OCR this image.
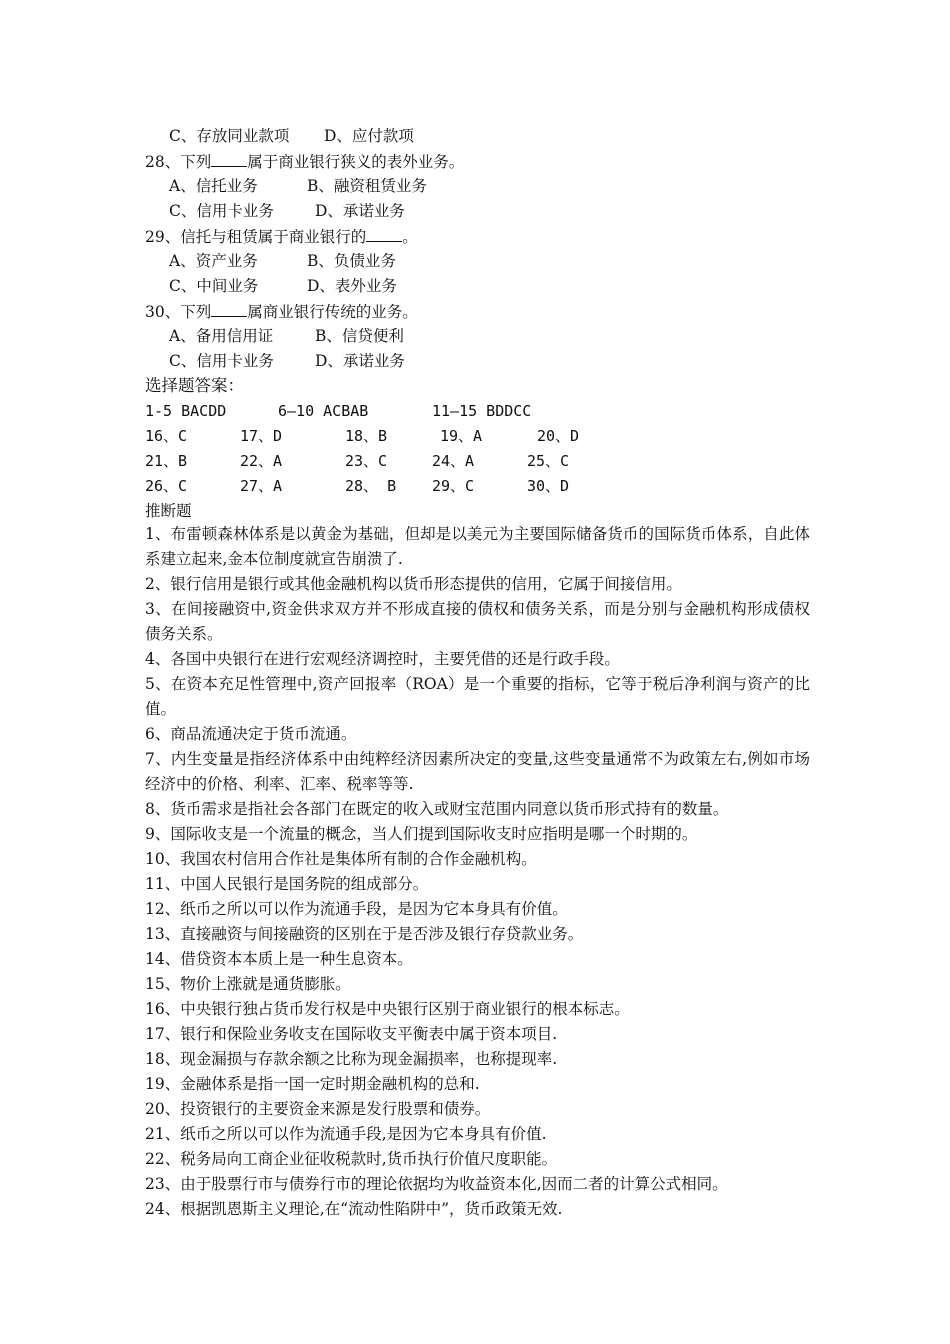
C、存放同业款项 D、应付款项
28、下列 属于商业银行狭义的表外业务。
A、信托业务	B、融资租赁业务
C、信用卡业务	D、承诺业务
29、信托与租赁属于商业银行的 。
A、资产业务	B、负债业务
C、中间业务	D、表外业务
30、下列 属商业银行传统的业务。
A、备用信用证	B、信贷便利
C、信用卡业务	D、承诺业务
选择题答案：
1-5 BACDD	6—10 ACBAB	11—15 BDDCC
16、C	17、D	18、B	19、A	20、D
21、B	22、A	23、C	24、A	25、C
26、C	27、A	28、 B 29、C	30、D
推断题
1、布雷顿森林体系是以黄金为基础，但却是以美元为主要国际储备货币的国际货币体系，自此体系建立起来,金本位制度就宣告崩溃了.
2、银行信用是银行或其他金融机构以货币形态提供的信用，它属于间接信用。
3、在间接融资中,资金供求双方并不形成直接的债权和债务关系，而是分别与金融机构形成债权债务关系。
4、各国中央银行在进行宏观经济调控时，主要凭借的还是行政手段。
5、在资本充足性管理中,资产回报率（ROA）是一个重要的指标，它等于税后净利润与资产的比值。
6、商品流通决定于货币流通。
7、内生变量是指经济体系中由纯粹经济因素所决定的变量,这些变量通常不为政策左右,例如市场经济中的价格、利率、汇率、税率等等.
8、货币需求是指社会各部门在既定的收入或财宝范围内同意以货币形式持有的数量。
9、国际收支是一个流量的概念，当人们提到国际收支时应指明是哪一个时期的。
10、我国农村信用合作社是集体所有制的合作金融机构。
11、中国人民银行是国务院的组成部分。
12、纸币之所以可以作为流通手段，是因为它本身具有价值。
13、直接融资与间接融资的区别在于是否涉及银行存贷款业务。
14、借贷资本本质上是一种生息资本。
15、物价上涨就是通货膨胀。
16、中央银行独占货币发行权是中央银行区别于商业银行的根本标志。
17、银行和保险业务收支在国际收支平衡表中属于资本项目.
18、现金漏损与存款余额之比称为现金漏损率，也称提现率.
19、金融体系是指一国一定时期金融机构的总和.
20、投资银行的主要资金来源是发行股票和债券。
21、纸币之所以可以作为流通手段,是因为它本身具有价值.
22、税务局向工商企业征收税款时,货币执行价值尺度职能。
23、由于股票行市与债券行市的理论依据均为收益资本化,因而二者的计算公式相同。
24、根据凯恩斯主义理论,在“流动性陷阱中”，货币政策无效.
